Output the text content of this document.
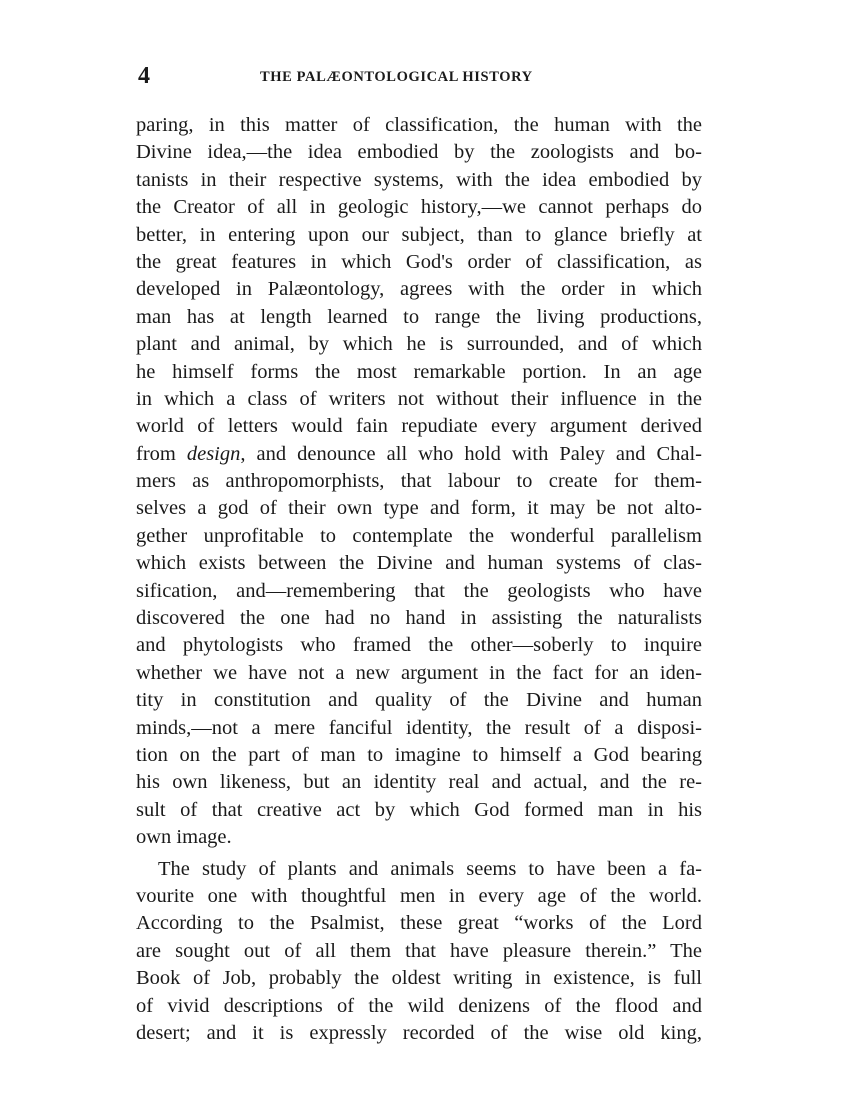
4	THE PALÆONTOLOGICAL HISTORY
paring, in this matter of classification, the human with the
Divine idea,—the idea embodied by the zoologists and bo-
tanists in their respective systems, with the idea embodied by
the Creator of all in geologic history,—we cannot perhaps do
better, in entering upon our subject, than to glance briefly at
the great features in which God's order of classification, as
developed in Palæontology, agrees with the order in which
man has at length learned to range the living productions,
plant and animal, by which he is surrounded, and of which
he himself forms the most remarkable portion. In an age
in which a class of writers not without their influence in the
world of letters would fain repudiate every argument derived
from design, and denounce all who hold with Paley and Chal-
mers as anthropomorphists, that labour to create for them-
selves a god of their own type and form, it may be not alto-
gether unprofitable to contemplate the wonderful parallelism
which exists between the Divine and human systems of clas-
sification, and—remembering that the geologists who have
discovered the one had no hand in assisting the naturalists
and phytologists who framed the other—soberly to inquire
whether we have not a new argument in the fact for an iden-
tity in constitution and quality of the Divine and human
minds,—not a mere fanciful identity, the result of a disposi-
tion on the part of man to imagine to himself a God bearing
his own likeness, but an identity real and actual, and the re-
sult of that creative act by which God formed man in his
own image.
The study of plants and animals seems to have been a fa-
vourite one with thoughtful men in every age of the world.
According to the Psalmist, these great “works of the Lord
are sought out of all them that have pleasure therein.” The
Book of Job, probably the oldest writing in existence, is full
of vivid descriptions of the wild denizens of the flood and
desert; and it is expressly recorded of the wise old king,
